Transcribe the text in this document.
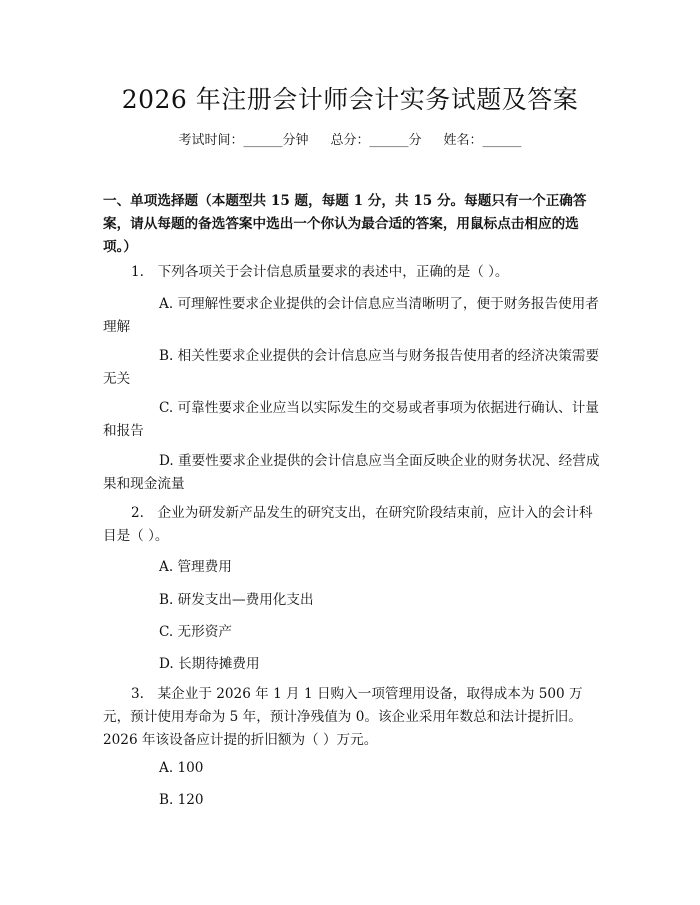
2026 年注册会计师会计实务试题及答案
考试时间：______分钟 总分：______分 姓名：______
一、单项选择题（本题型共 15 题，每题 1 分，共 15 分。每题只有一个正确答案，请从每题的备选答案中选出一个你认为最合适的答案，用鼠标点击相应的选项。）
1.　下列各项关于会计信息质量要求的表述中，正确的是（ ）。
A. 可理解性要求企业提供的会计信息应当清晰明了，便于财务报告使用者理解
B. 相关性要求企业提供的会计信息应当与财务报告使用者的经济决策需要无关
C. 可靠性要求企业应当以实际发生的交易或者事项为依据进行确认、计量和报告
D. 重要性要求企业提供的会计信息应当全面反映企业的财务状况、经营成果和现金流量
2.　企业为研发新产品发生的研究支出，在研究阶段结束前，应计入的会计科目是（ ）。
A. 管理费用
B. 研发支出—费用化支出
C. 无形资产
D. 长期待摊费用
3.　某企业于 2026 年 1 月 1 日购入一项管理用设备，取得成本为 500 万元，预计使用寿命为 5 年，预计净残值为 0。该企业采用年数总和法计提折旧。2026 年该设备应计提的折旧额为（ ）万元。
A. 100
B. 120
